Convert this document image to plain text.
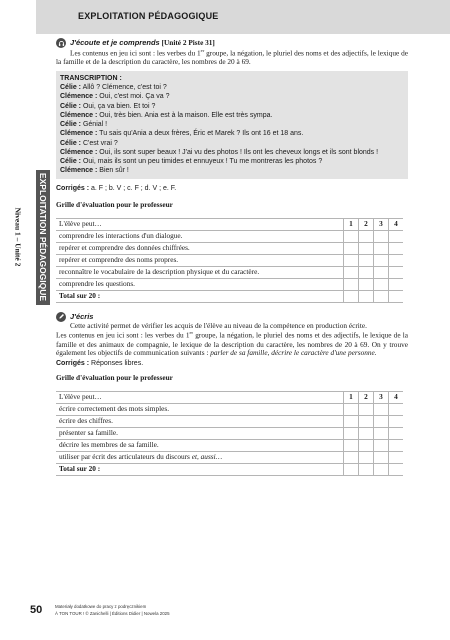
EXPLOITATION PÉDAGOGIQUE
EXPLOITATION PÉDAGOGIQUE
Niveau 1 – Unité 2
J'écoute et je comprends [Unité 2 Piste 31]

Les contenus en jeu ici sont : les verbes du 1er groupe, la négation, le pluriel des noms et des adjectifs, le lexique de la famille et de la description du caractère, les nombres de 20 à 69.

TRANSCRIPTION :
Célie : Allô ? Clémence, c'est toi ?
Clémence : Oui, c'est moi. Ça va ?
Célie : Oui, ça va bien. Et toi ?
Clémence : Oui, très bien. Ania est à la maison. Elle est très sympa.
Célie : Génial !
Clémence : Tu sais qu'Ania a deux frères, Éric et Marek ? Ils ont 16 et 18 ans.
Célie : C'est vrai ?
Clémence : Oui, ils sont super beaux ! J'ai vu des photos ! Ils ont les cheveux longs et ils sont blonds !
Célie : Oui, mais ils sont un peu timides et ennuyeux ! Tu me montreras les photos ?
Clémence : Bien sûr !
Corrigés : a. F ; b. V ; c. F ; d. V ; e. F.
Grille d'évaluation pour le professeur
L'élève peut…	1	2	3	4
comprendre les interactions d'un dialogue.				
repérer et comprendre des données chiffrées.				
repérer et comprendre des noms propres.				
reconnaître le vocabulaire de la description physique et du caractère.				
comprendre les questions.				
Total sur 20 :				
J'écris

Cette activité permet de vérifier les acquis de l'élève au niveau de la compétence en production écrite.

Les contenus en jeu ici sont : les verbes du 1er groupe, la négation, le pluriel des noms et des adjectifs, le lexique de la famille et des animaux de compagnie, le lexique de la description du caractère, les nombres de 20 à 69. On y trouve également les objectifs de communication suivants : parler de sa famille, décrire le caractère d'une personne.

Corrigés : Réponses libres.
Grille d'évaluation pour le professeur
L'élève peut…	1	2	3	4
écrire correctement des mots simples.				
écrire des chiffres.				
présenter sa famille.				
décrire les membres de sa famille.				
utiliser par écrit des articulateurs du discours et, aussi…				
Total sur 20 :				
50	Materiały dodatkowe do pracy z podręcznikiem
À TON TOUR ! © Zanichelli | Éditions Didier | Nowela 2025
